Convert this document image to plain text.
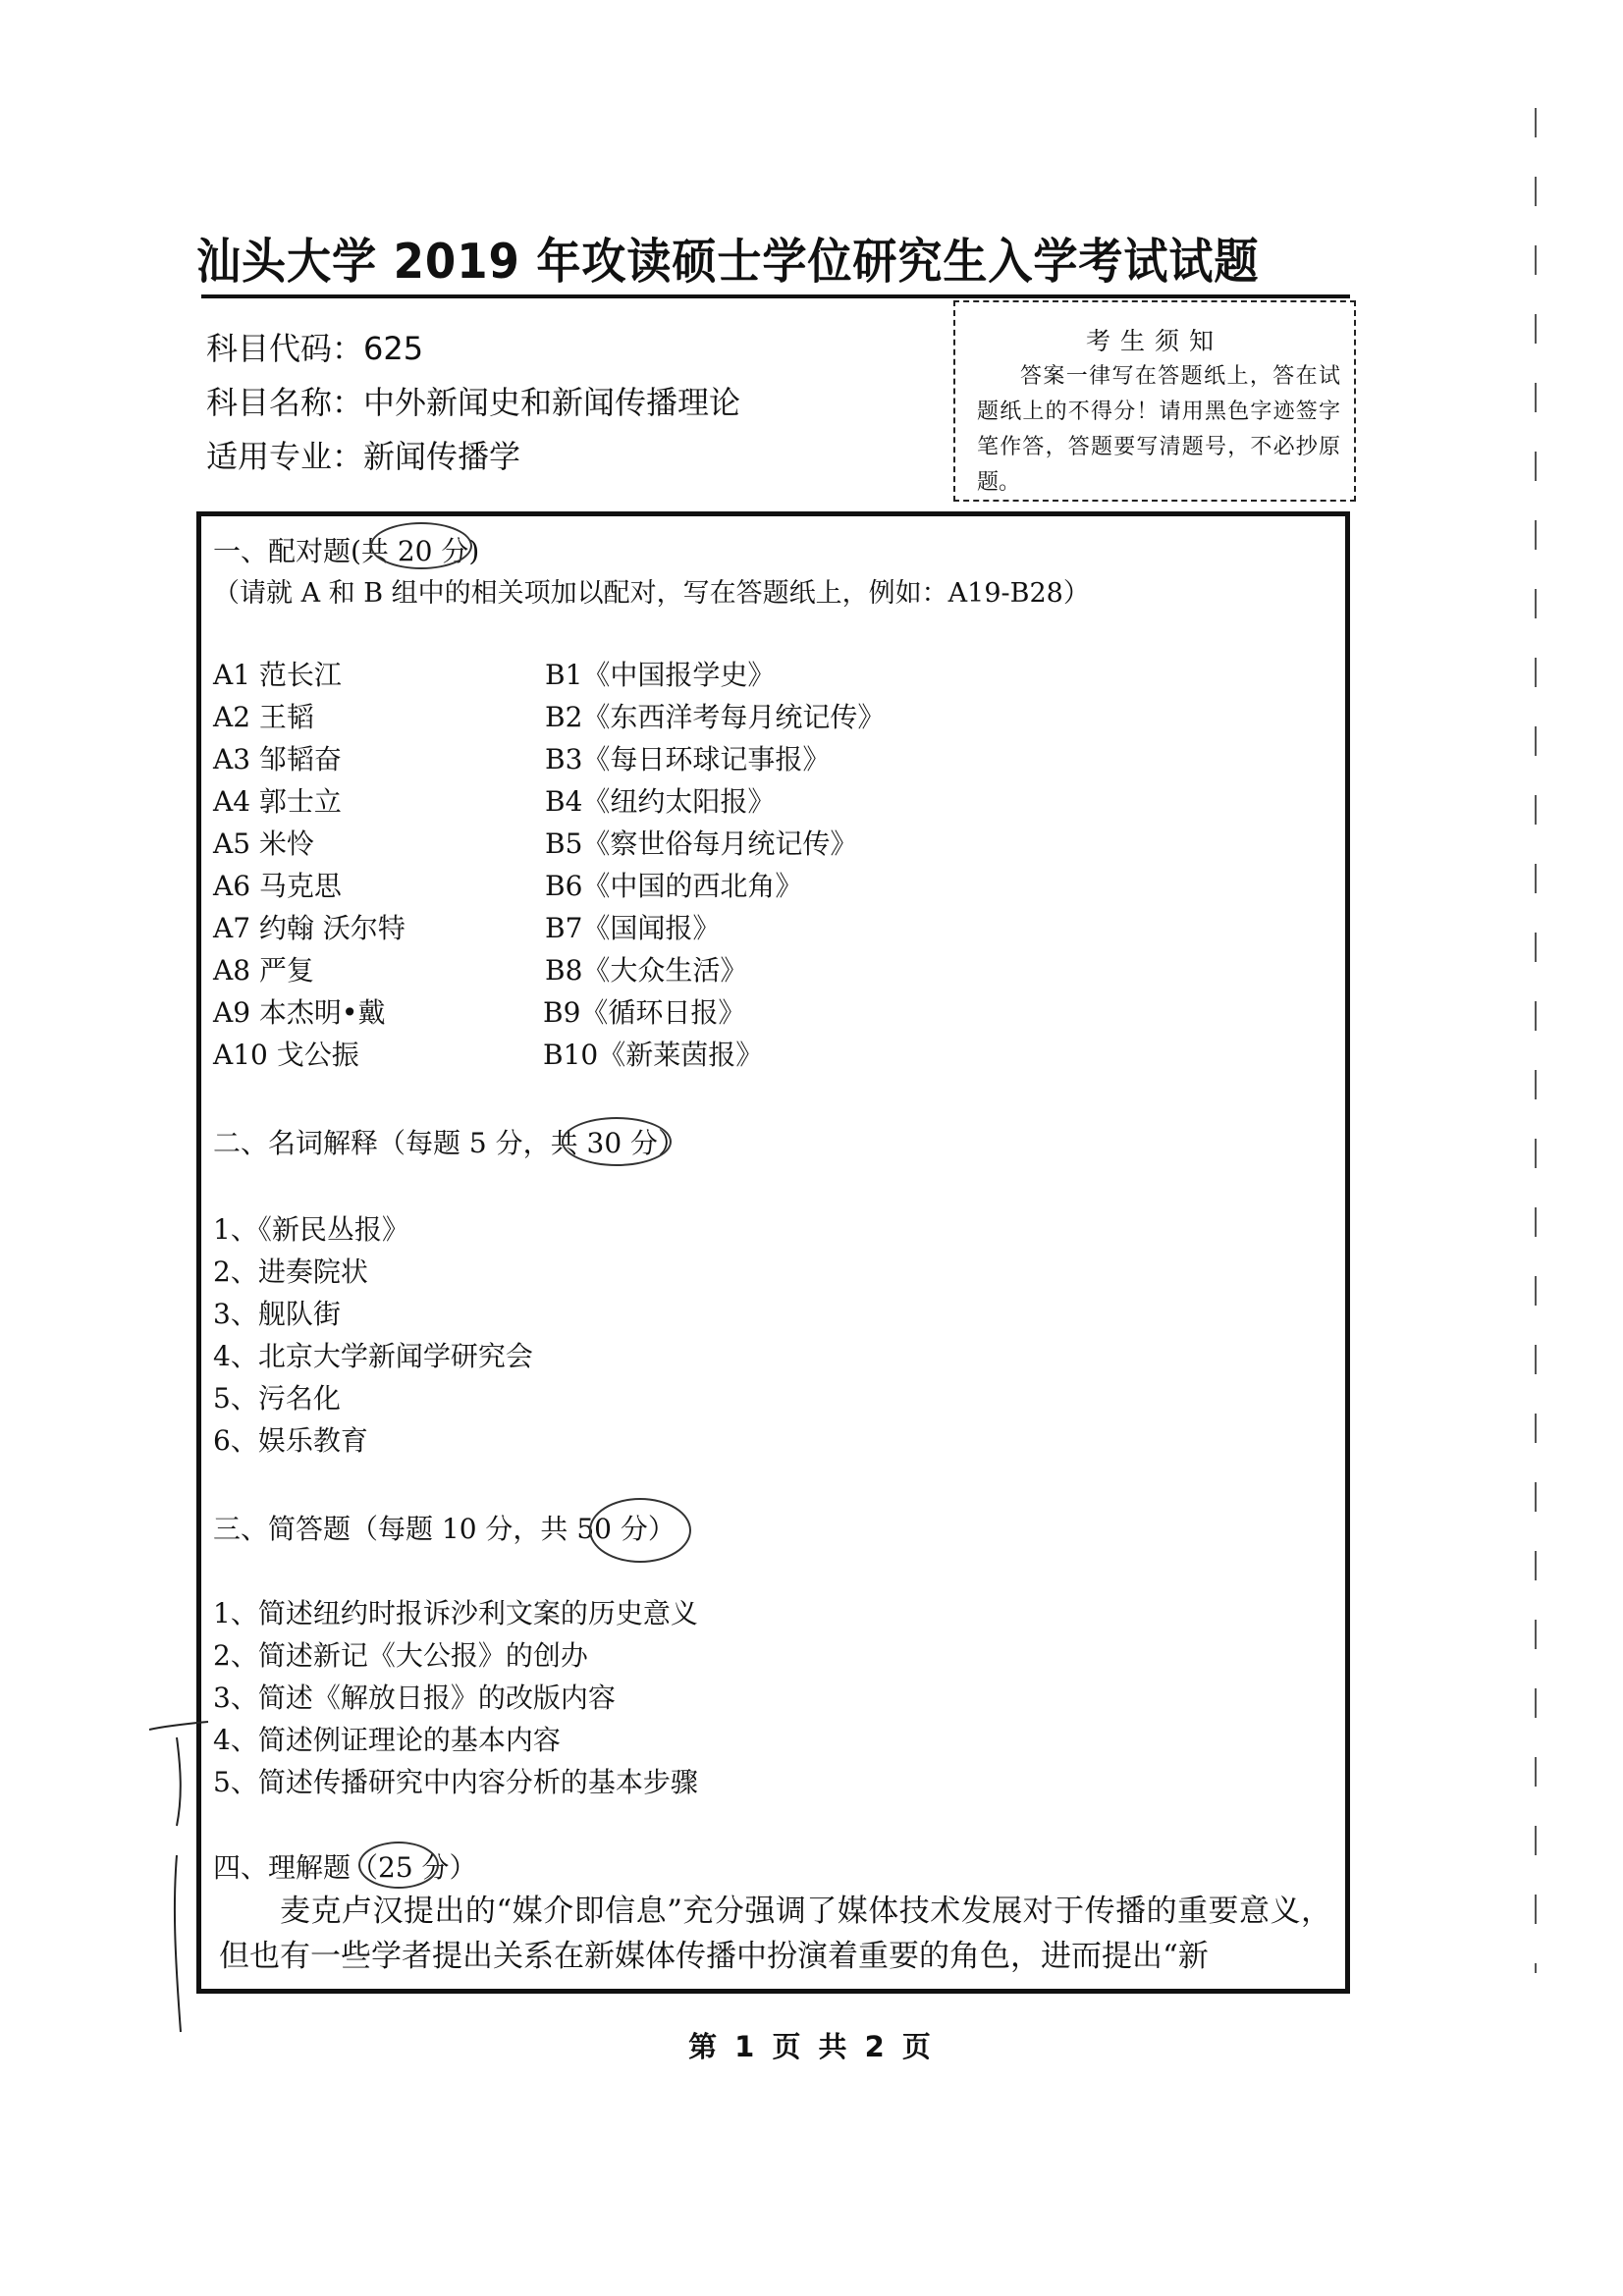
汕头大学 2019 年攻读硕士学位研究生入学考试试题
科目代码：625
科目名称：中外新闻史和新闻传播理论
适用专业：新闻传播学
考生须知
答案一律写在答题纸上，答在试题纸上的不得分！请用黑色字迹签字笔作答，答题要写清题号，不必抄原题。
一、配对题(共 20 分)
（请就 A 和 B 组中的相关项加以配对，写在答题纸上，例如：A19-B28）
A1 范长江
A2 王韬
A3 邹韬奋
A4 郭士立
A5 米怜
A6 马克思
A7 约翰 沃尔特
A8 严复
A9 本杰明•戴
A10 戈公振
B1《中国报学史》
B2《东西洋考每月统记传》
B3《每日环球记事报》
B4《纽约太阳报》
B5《察世俗每月统记传》
B6《中国的西北角》
B7《国闻报》
B8《大众生活》
B9《循环日报》
B10《新莱茵报》
二、名词解释（每题 5 分，共 30 分）
1、《新民丛报》
2、进奏院状
3、舰队街
4、北京大学新闻学研究会
5、污名化
6、娱乐教育
三、简答题（每题 10 分，共 50 分）
1、简述纽约时报诉沙利文案的历史意义
2、简述新记《大公报》的创办
3、简述《解放日报》的改版内容
4、简述例证理论的基本内容
5、简述传播研究中内容分析的基本步骤
四、理解题（25 分）
麦克卢汉提出的“媒介即信息”充分强调了媒体技术发展对于传播的重要意义，但也有一些学者提出关系在新媒体传播中扮演着重要的角色，进而提出“新
第 1 页 共 2 页
